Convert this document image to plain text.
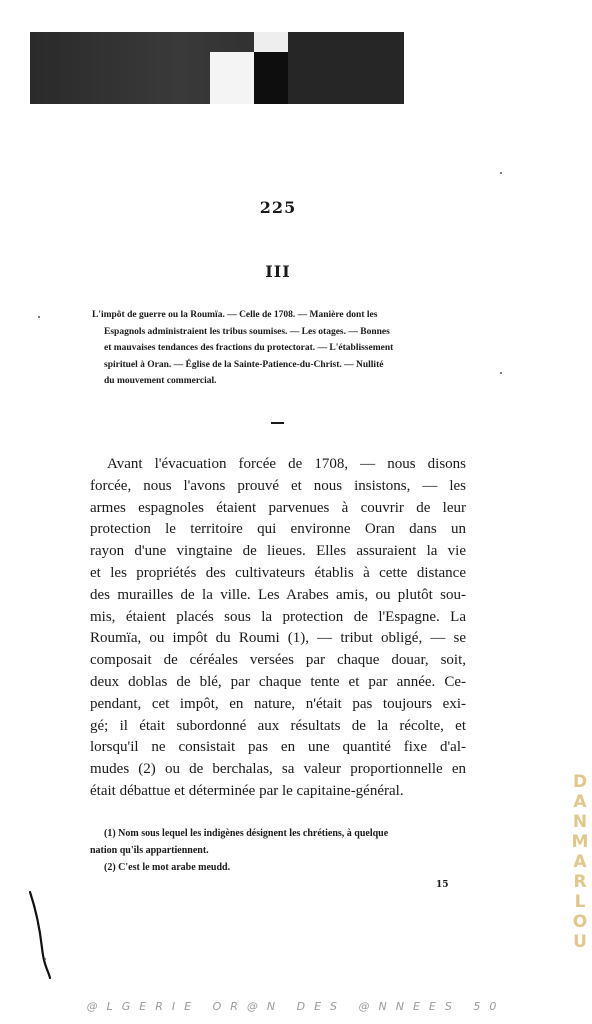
225
III
L'impôt de guerre ou la Roumïa. — Celle de 1708. — Manière dont les
Espagnols administraient les tribus soumises. — Les otages. — Bonnes
et mauvaises tendances des fractions du protectorat. — L'établissement
spirituel à Oran. — Église de la Sainte-Patience-du-Christ. — Nullité
du mouvement commercial.
Avant l'évacuation forcée de 1708, — nous disons
forcée, nous l'avons prouvé et nous insistons, — les
armes espagnoles étaient parvenues à couvrir de leur
protection le territoire qui environne Oran dans un
rayon d'une vingtaine de lieues. Elles assuraient la vie
et les propriétés des cultivateurs établis à cette distance
des murailles de la ville. Les Arabes amis, ou plutôt sou-
mis, étaient placés sous la protection de l'Espagne. La
Roumïa, ou impôt du Roumi (1), — tribut obligé, — se
composait de céréales versées par chaque douar, soit,
deux doblas de blé, par chaque tente et par année. Ce-
pendant, cet impôt, en nature, n'était pas toujours exi-
gé; il était subordonné aux résultats de la récolte, et
lorsqu'il ne consistait pas en une quantité fixe d'al-
mudes (2) ou de berchalas, sa valeur proportionnelle en
était débattue et déterminée par le capitaine-général.
(1) Nom sous lequel les indigènes désignent les chrétiens, à quelque
nation qu'ils appartiennent.
(2) C'est le mot arabe meudd.
15
DANMARLOU
@LGERIE OR@N DES @NNEES 50
